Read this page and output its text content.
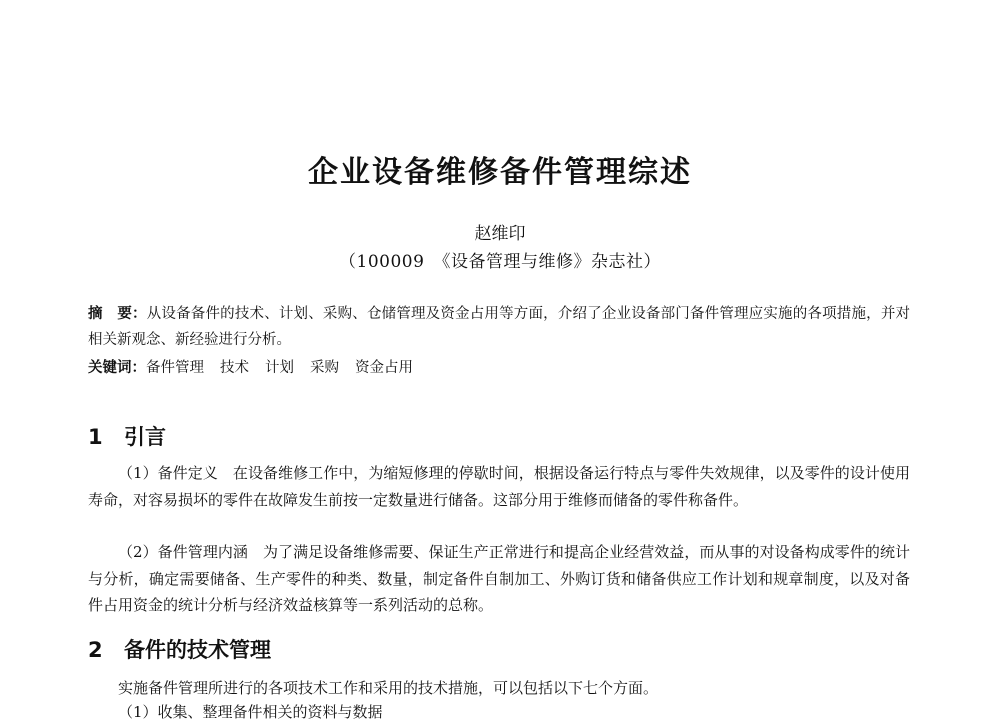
企业设备维修备件管理综述
赵维印
（100009　《设备管理与维修》杂志社）
摘　要：从设备备件的技术、计划、采购、仓储管理及资金占用等方面，介绍了企业设备部门备件管理应实施的各项措施，并对相关新观念、新经验进行分析。
关键词：备件管理 技术 计划 采购 资金占用
1 引言
（1）备件定义　在设备维修工作中，为缩短修理的停歇时间，根据设备运行特点与零件失效规律，以及零件的设计使用寿命，对容易损坏的零件在故障发生前按一定数量进行储备。这部分用于维修而储备的零件称备件。
（2）备件管理内涵　为了满足设备维修需要、保证生产正常进行和提高企业经营效益，而从事的对设备构成零件的统计与分析，确定需要储备、生产零件的种类、数量，制定备件自制加工、外购订货和储备供应工作计划和规章制度，以及对备件占用资金的统计分析与经济效益核算等一系列活动的总称。
2 备件的技术管理
实施备件管理所进行的各项技术工作和采用的技术措施，可以包括以下七个方面。
（1）收集、整理备件相关的资料与数据
